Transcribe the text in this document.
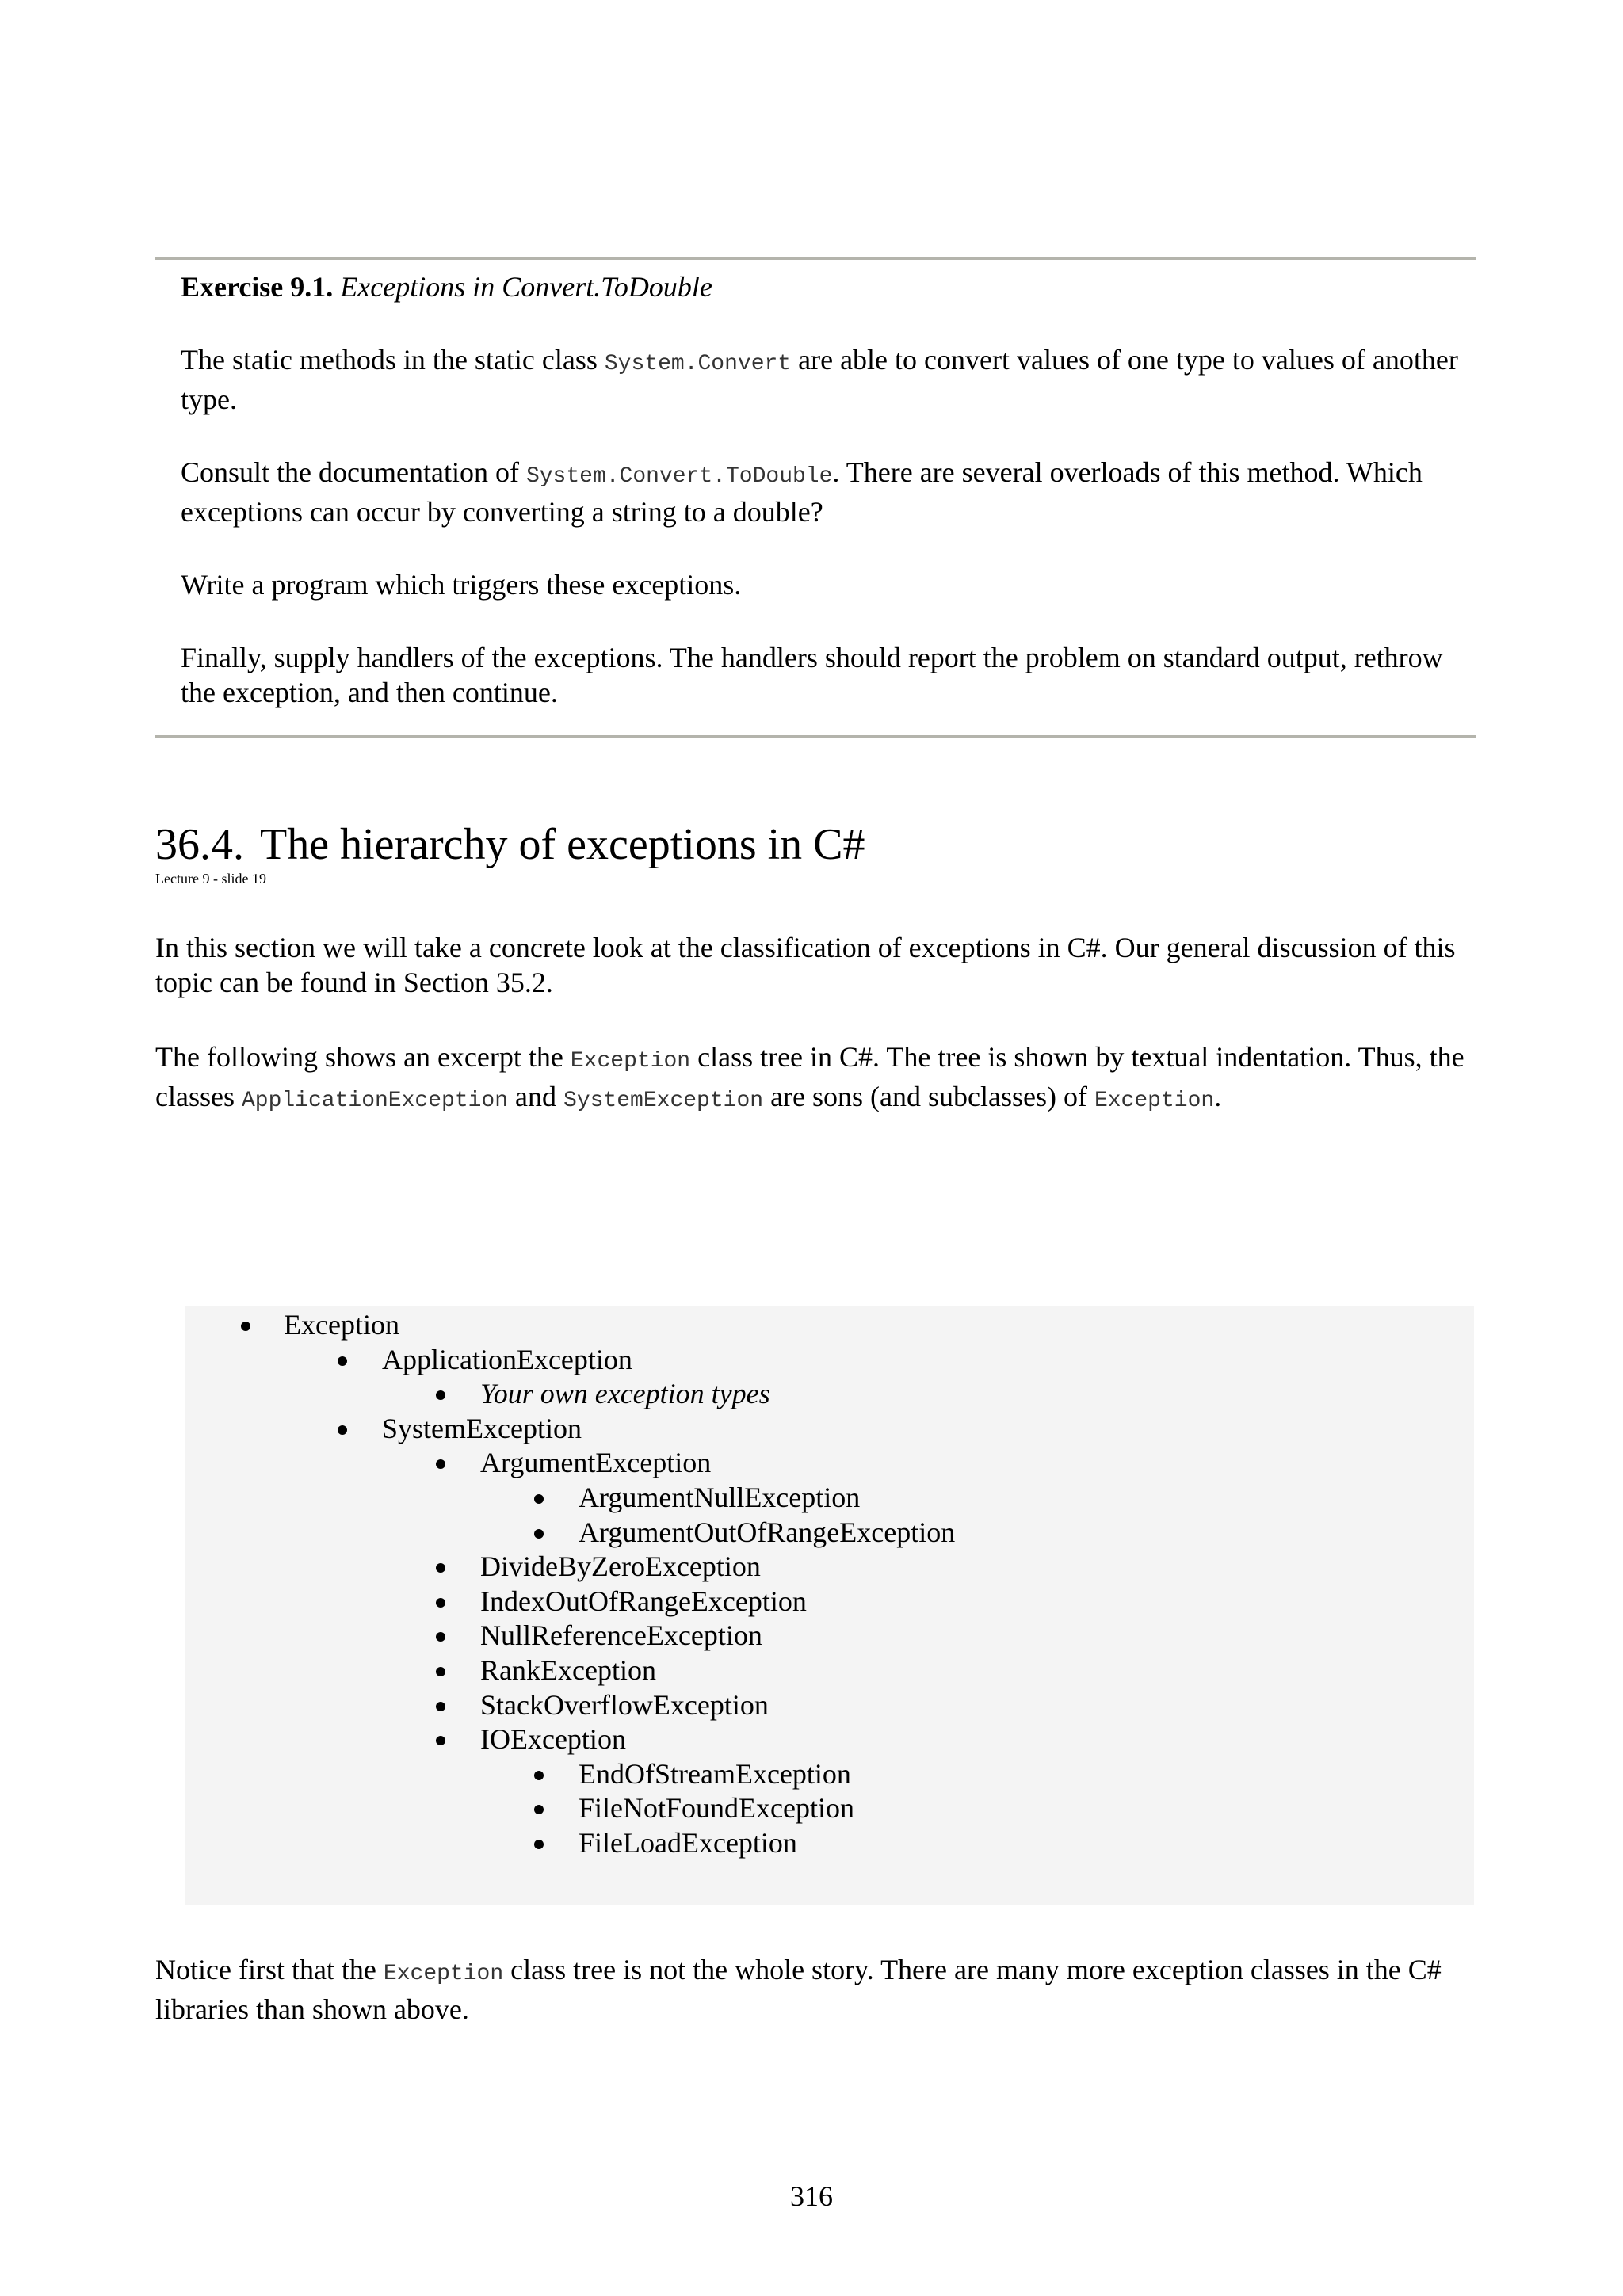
Exercise 9.1. Exceptions in Convert.ToDouble

The static methods in the static class System.Convert are able to convert values of one type to values of another type.

Consult the documentation of System.Convert.ToDouble. There are several overloads of this method. Which exceptions can occur by converting a string to a double?

Write a program which triggers these exceptions.

Finally, supply handlers of the exceptions. The handlers should report the problem on standard output, rethrow the exception, and then continue.

36.4. The hierarchy of exceptions in C#

Lecture 9 - slide 19

In this section we will take a concrete look at the classification of exceptions in C#. Our general discussion of this topic can be found in Section 35.2.

The following shows an excerpt the Exception class tree in C#. The tree is shown by textual indentation. Thus, the classes ApplicationException and SystemException are sons (and subclasses) of Exception.

Exception
ApplicationException
Your own exception types
SystemException
ArgumentException
ArgumentNullException
ArgumentOutOfRangeException
DivideByZeroException
IndexOutOfRangeException
NullReferenceException
RankException
StackOverflowException
IOException
EndOfStreamException
FileNotFoundException
FileLoadException

Notice first that the Exception class tree is not the whole story. There are many more exception classes in the C# libraries than shown above.

316
